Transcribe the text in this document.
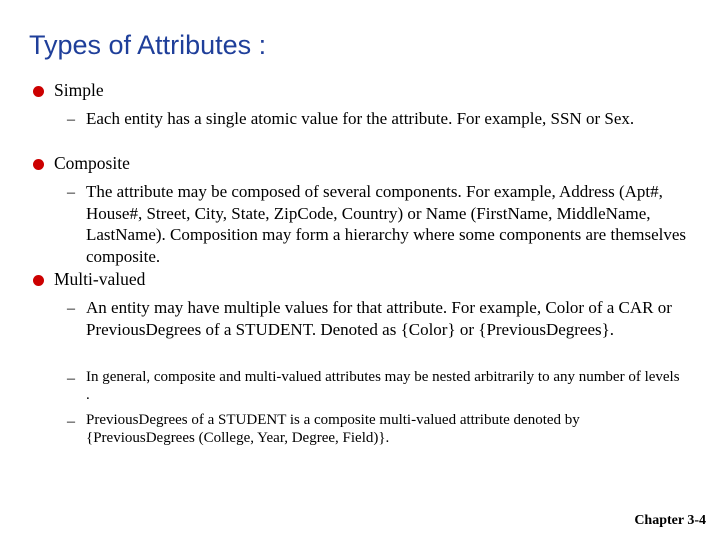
Types of Attributes :
Simple
– Each entity has a single atomic value for the attribute. For example, SSN or Sex.
Composite
– The attribute may be composed of several components. For example, Address (Apt#, House#, Street, City, State, ZipCode, Country) or Name (FirstName, MiddleName, LastName). Composition may form a hierarchy where some components are themselves composite.
Multi-valued
– An entity may have multiple values for that attribute. For example, Color of a CAR or PreviousDegrees of a STUDENT. Denoted as {Color} or {PreviousDegrees}.
– In general, composite and multi-valued attributes may be nested arbitrarily to any number of levels .
– PreviousDegrees of a STUDENT is a composite multi-valued attribute denoted by {PreviousDegrees (College, Year, Degree, Field)}.
Chapter 3-4
